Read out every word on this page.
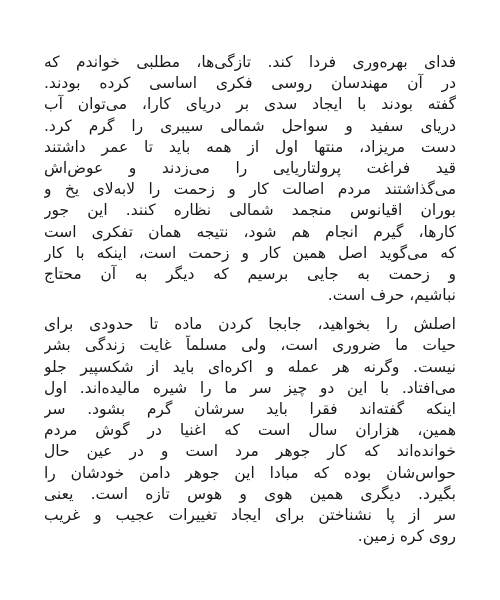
فدای بهره‌وری فردا کند. تازگی‌ها، مطلبی خواندم که
در آن مهندسان روسی فکری اساسی کرده بودند.
گفته بودند با ایجاد سدی بر دریای کارا، می‌توان آب
دریای سفید و سواحل شمالی سیبری را گرم کرد.
دست مریزاد، منتها اول از همه باید تا عمر داشتند
قید فراغت پرولتاریایی را می‌زدند و عوض‌اش
می‌گذاشتند مردم اصالت کار و زحمت را لابه‌لای یخ و
بوران اقیانوس منجمد شمالی نظاره کنند. این جور
کارها، گیرم انجام هم شود، نتیجه همان تفکری است
که می‌گوید اصل همین کار و زحمت است، اینکه با کار
و زحمت به جایی برسیم که دیگر به آن محتاج
نباشیم، حرف است.
اصلش را بخواهید، جابجا کردن ماده تا حدودی برای
حیات ما ضروری است، ولی مسلماً غایت زندگی بشر
نیست. وگرنه هر عمله و اکره‌ای باید از شکسپیر جلو
می‌افتاد. با این دو چیز سر ما را شیره مالیده‌اند. اول
اینکه گفته‌اند فقرا باید سرشان گرم بشود. سر
همین، هزاران سال است که اغنیا در گوش مردم
خوانده‌اند که کار جوهر مرد است و در عین حال
حواس‌شان بوده که مبادا این جوهر دامن خودشان را
بگیرد. دیگری همین هوی و هوس تازه است. یعنی
سر از پا نشناختن برای ایجاد تغییرات عجیب و غریب
روی کره زمین.
